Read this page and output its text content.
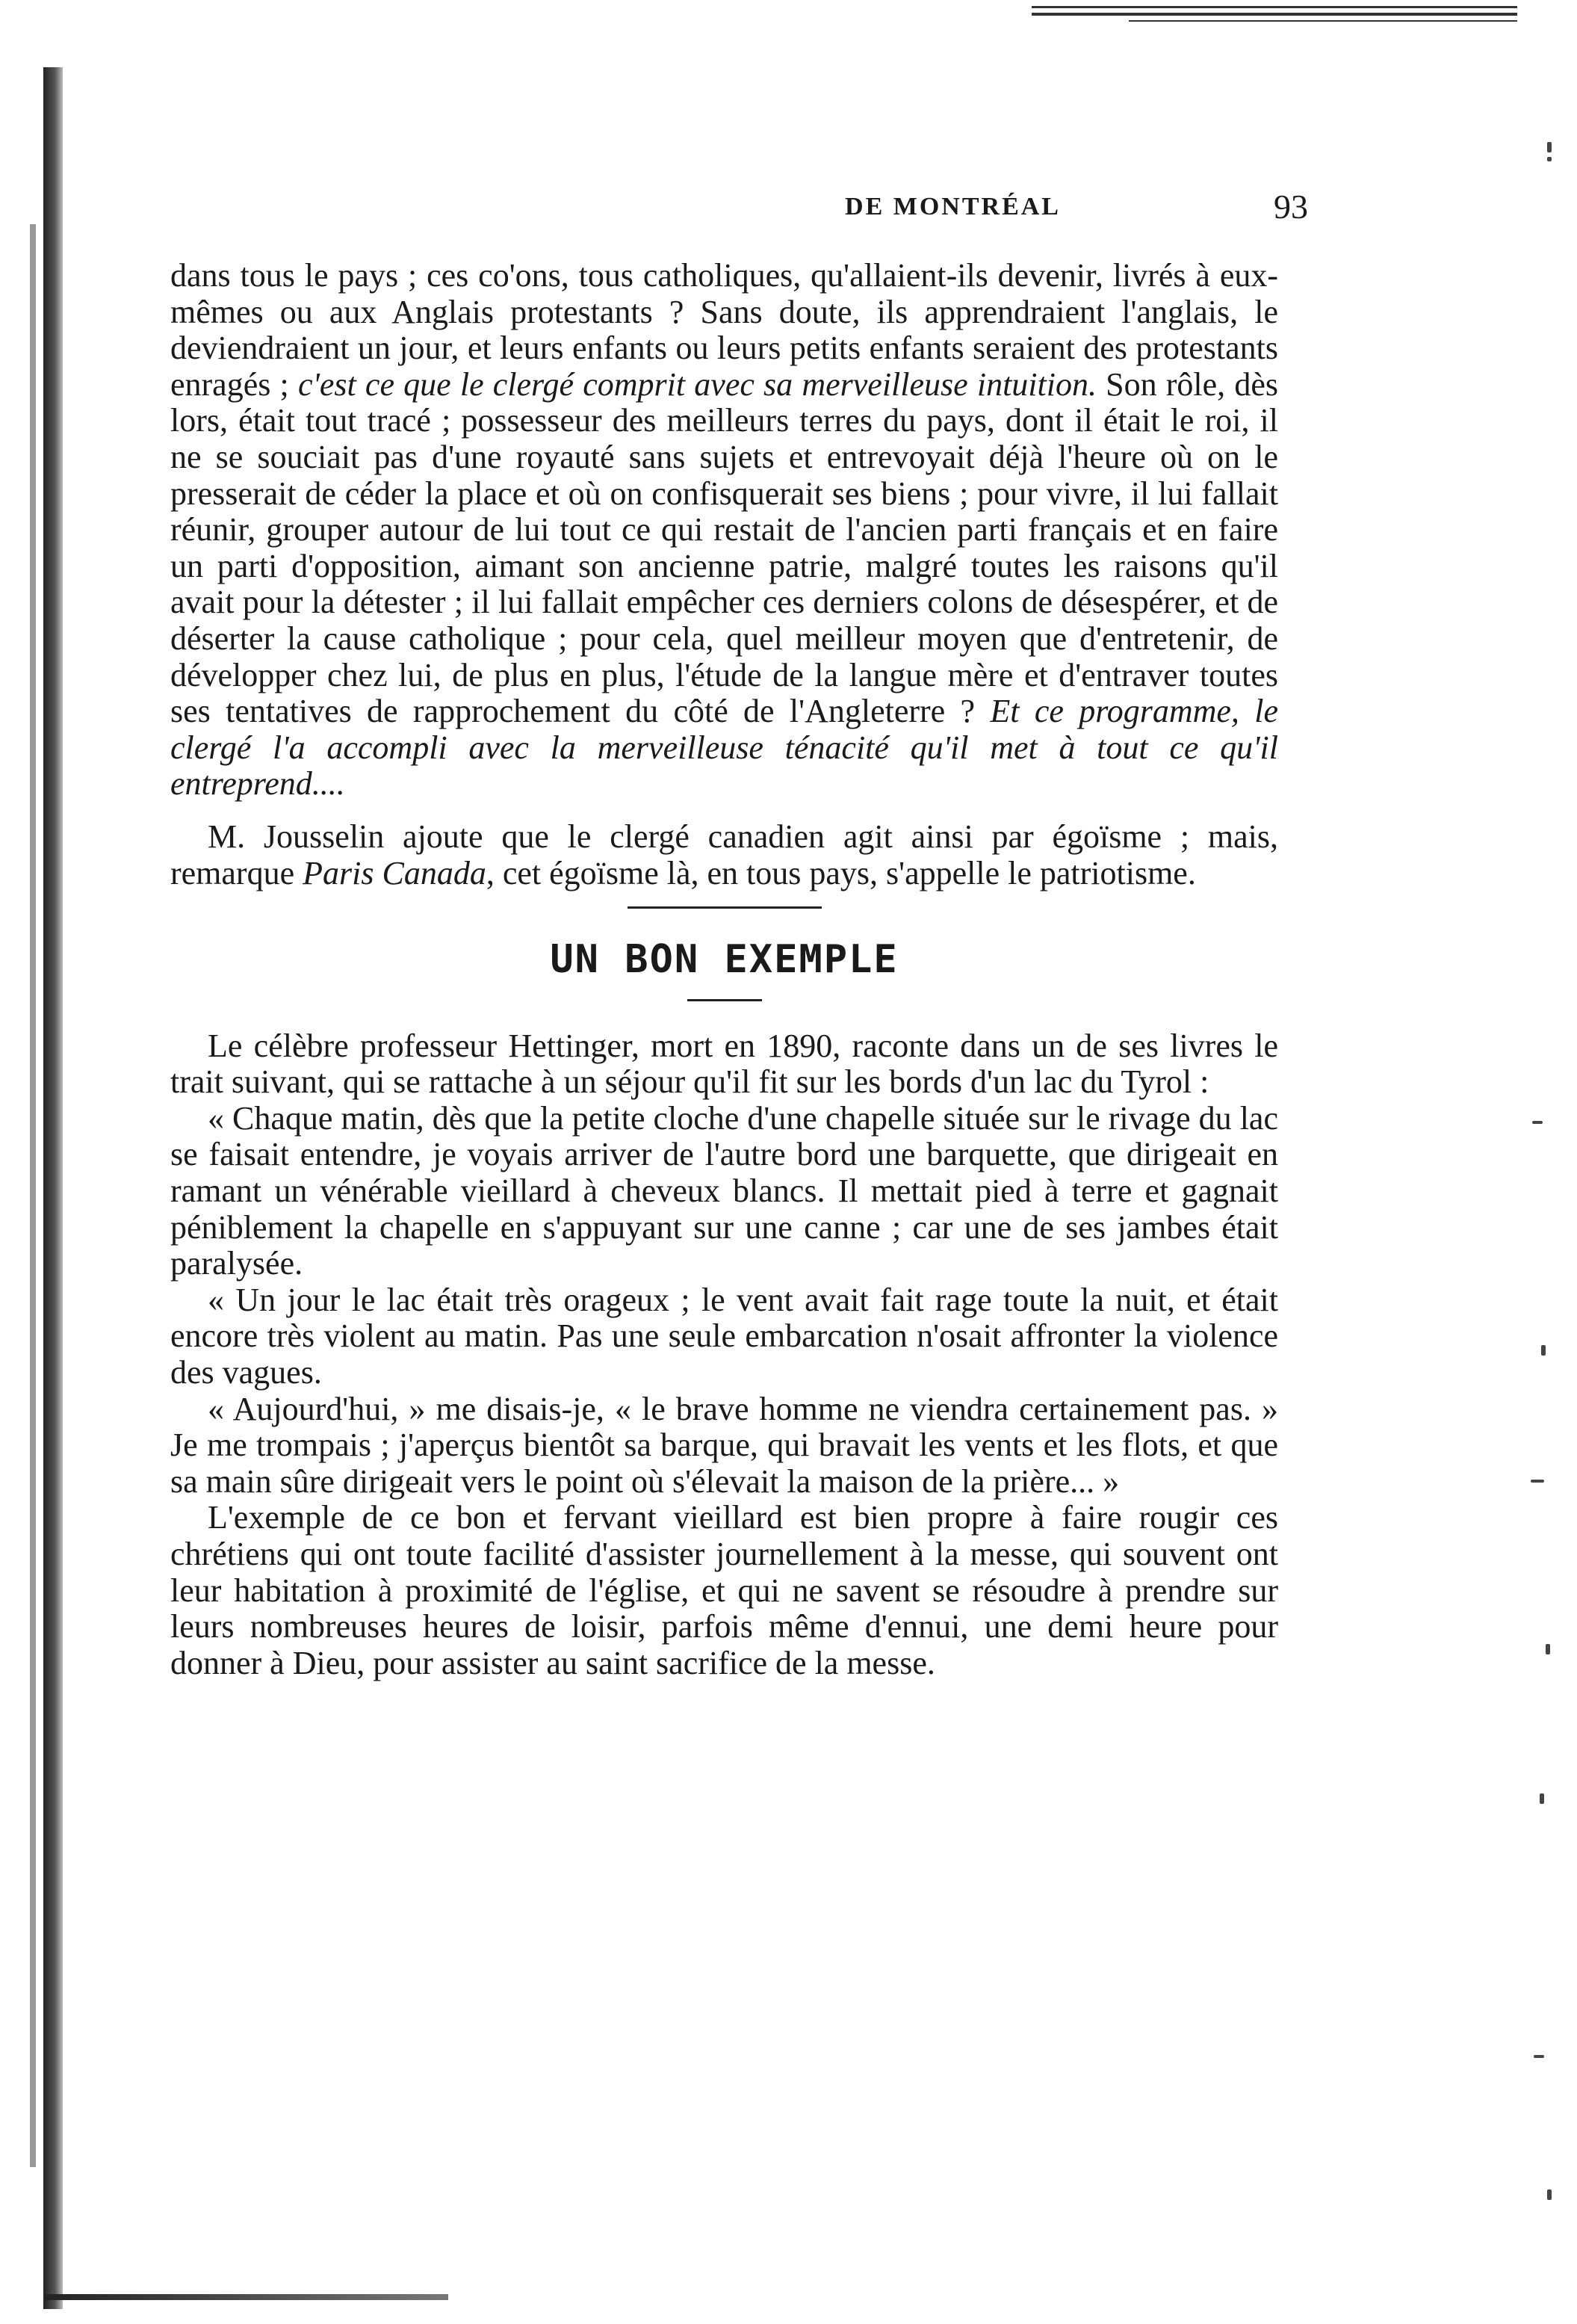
DE MONTRÉAL	93

dans tous le pays ; ces co'ons, tous catholiques, qu'allaient-ils devenir, livrés à eux-mêmes ou aux Anglais protestants ? Sans doute, ils apprendraient l'anglais, le deviendraient un jour, et leurs enfants ou leurs petits enfants seraient des protestants enragés ; c'est ce que le clergé comprit avec sa merveilleuse intuition. Son rôle, dès lors, était tout tracé ; possesseur des meilleurs terres du pays, dont il était le roi, il ne se souciait pas d'une royauté sans sujets et entrevoyait déjà l'heure où on le presserait de céder la place et où on confisquerait ses biens ; pour vivre, il lui fallait réunir, grouper autour de lui tout ce qui restait de l'ancien parti français et en faire un parti d'opposition, aimant son ancienne patrie, malgré toutes les raisons qu'il avait pour la détester ; il lui fallait empêcher ces derniers colons de désespérer, et de déserter la cause catholique ; pour cela, quel meilleur moyen que d'entretenir, de développer chez lui, de plus en plus, l'étude de la langue mère et d'entraver toutes ses tentatives de rapprochement du côté de l'Angleterre ? Et ce programme, le clergé l'a accompli avec la merveilleuse ténacité qu'il met à tout ce qu'il entreprend....

M. Jousselin ajoute que le clergé canadien agit ainsi par égoïsme ; mais, remarque Paris Canada, cet égoïsme là, en tous pays, s'appelle le patriotisme.

UN BON EXEMPLE

Le célèbre professeur Hettinger, mort en 1890, raconte dans un de ses livres le trait suivant, qui se rattache à un séjour qu'il fit sur les bords d'un lac du Tyrol :

« Chaque matin, dès que la petite cloche d'une chapelle située sur le rivage du lac se faisait entendre, je voyais arriver de l'autre bord une barquette, que dirigeait en ramant un vénérable vieillard à cheveux blancs. Il mettait pied à terre et gagnait péniblement la chapelle en s'appuyant sur une canne ; car une de ses jambes était paralysée.

« Un jour le lac était très orageux ; le vent avait fait rage toute la nuit, et était encore très violent au matin. Pas une seule embarcation n'osait affronter la violence des vagues.

« Aujourd'hui, » me disais-je, « le brave homme ne viendra certainement pas. » Je me trompais ; j'aperçus bientôt sa barque, qui bravait les vents et les flots, et que sa main sûre dirigeait vers le point où s'élevait la maison de la prière... »

L'exemple de ce bon et fervant vieillard est bien propre à faire rougir ces chrétiens qui ont toute facilité d'assister journellement à la messe, qui souvent ont leur habitation à proximité de l'église, et qui ne savent se résoudre à prendre sur leurs nombreuses heures de loisir, parfois même d'ennui, une demi heure pour donner à Dieu, pour assister au saint sacrifice de la messe.
